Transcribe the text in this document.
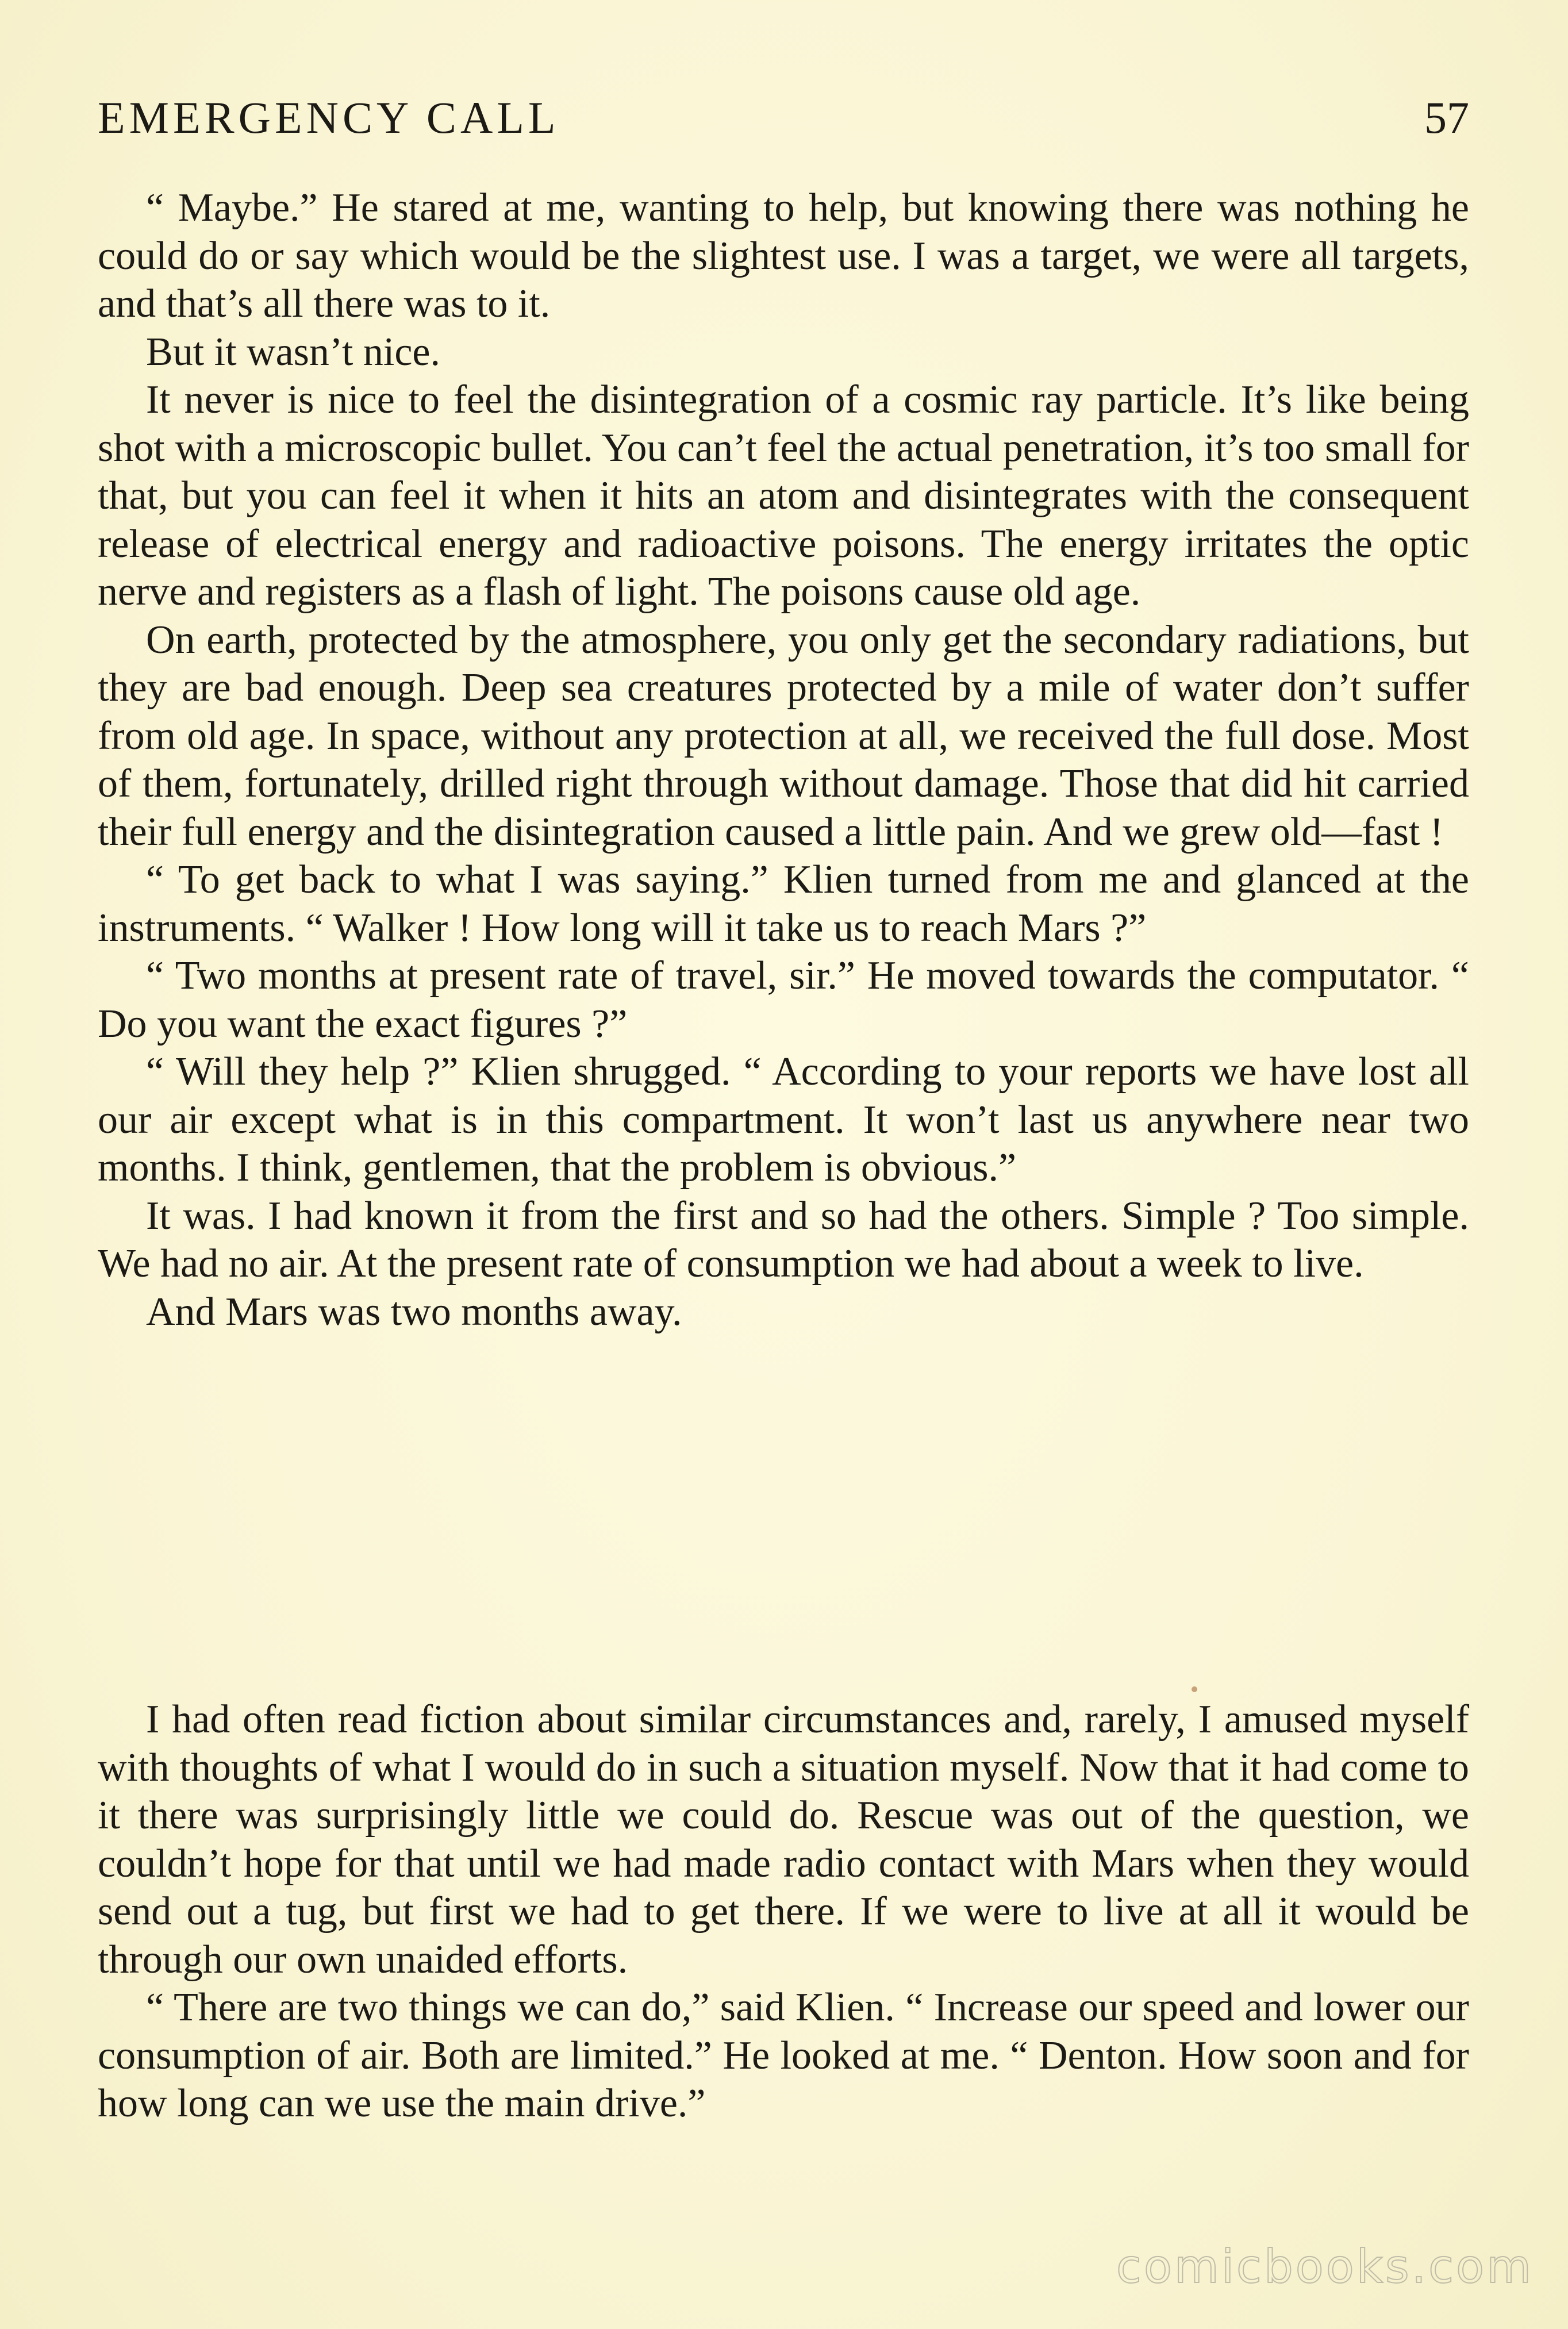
EMERGENCY CALL	57

“ Maybe.” He stared at me, wanting to help, but knowing there was nothing he could do or say which would be the slightest use. I was a target, we were all targets, and that’s all there was to it.

But it wasn’t nice.

It never is nice to feel the disintegration of a cosmic ray particle. It’s like being shot with a microscopic bullet. You can’t feel the actual penetration, it’s too small for that, but you can feel it when it hits an atom and disintegrates with the consequent release of electrical energy and radioactive poisons. The energy irritates the optic nerve and registers as a flash of light. The poisons cause old age.

On earth, protected by the atmosphere, you only get the secondary radiations, but they are bad enough. Deep sea creatures protected by a mile of water don’t suffer from old age. In space, without any protection at all, we received the full dose. Most of them, fortunately, drilled right through without damage. Those that did hit carried their full energy and the disintegration caused a little pain. And we grew old—fast !

“ To get back to what I was saying.” Klien turned from me and glanced at the instruments. “ Walker ! How long will it take us to reach Mars ?”

“ Two months at present rate of travel, sir.” He moved towards the computator. “ Do you want the exact figures ?”

“ Will they help ?” Klien shrugged. “ According to your reports we have lost all our air except what is in this compartment. It won’t last us anywhere near two months. I think, gentlemen, that the problem is obvious.”

It was. I had known it from the first and so had the others. Simple ? Too simple. We had no air. At the present rate of consumption we had about a week to live.

And Mars was two months away.

I had often read fiction about similar circumstances and, rarely, I amused myself with thoughts of what I would do in such a situation myself. Now that it had come to it there was surprisingly little we could do. Rescue was out of the question, we couldn’t hope for that until we had made radio contact with Mars when they would send out a tug, but first we had to get there. If we were to live at all it would be through our own unaided efforts.

“ There are two things we can do,” said Klien. “ Increase our speed and lower our consumption of air. Both are limited.” He looked at me. “ Denton. How soon and for how long can we use the main drive.”

comicbooks.com
